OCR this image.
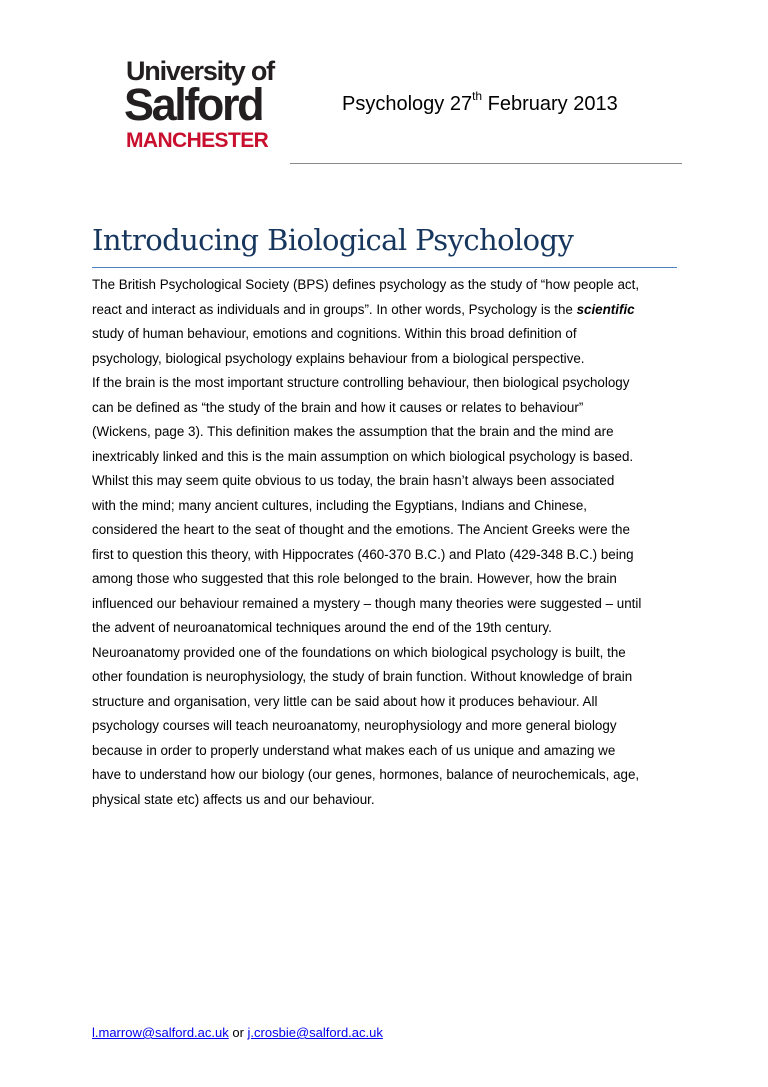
University of
Salford
MANCHESTER
Psychology 27th February 2013
Introducing Biological Psychology

The British Psychological Society (BPS) defines psychology as the study of “how people act,

react and interact as individuals and in groups”. In other words, Psychology is the scientific

study of human behaviour, emotions and cognitions. Within this broad definition of

psychology, biological psychology explains behaviour from a biological perspective.

If the brain is the most important structure controlling behaviour, then biological psychology

can be defined as “the study of the brain and how it causes or relates to behaviour”

(Wickens, page 3). This definition makes the assumption that the brain and the mind are

inextricably linked and this is the main assumption on which biological psychology is based.

Whilst this may seem quite obvious to us today, the brain hasn’t always been associated

with the mind; many ancient cultures, including the Egyptians, Indians and Chinese,

considered the heart to the seat of thought and the emotions. The Ancient Greeks were the

first to question this theory, with Hippocrates (460-370 B.C.) and Plato (429-348 B.C.) being

among those who suggested that this role belonged to the brain. However, how the brain

influenced our behaviour remained a mystery – though many theories were suggested – until

the advent of neuroanatomical techniques around the end of the 19th century.

Neuroanatomy provided one of the foundations on which biological psychology is built, the

other foundation is neurophysiology, the study of brain function. Without knowledge of brain

structure and organisation, very little can be said about how it produces behaviour. All

psychology courses will teach neuroanatomy, neurophysiology and more general biology

because in order to properly understand what makes each of us unique and amazing we

have to understand how our biology (our genes, hormones, balance of neurochemicals, age,

physical state etc) affects us and our behaviour.

l.marrow@salford.ac.uk or j.crosbie@salford.ac.uk
